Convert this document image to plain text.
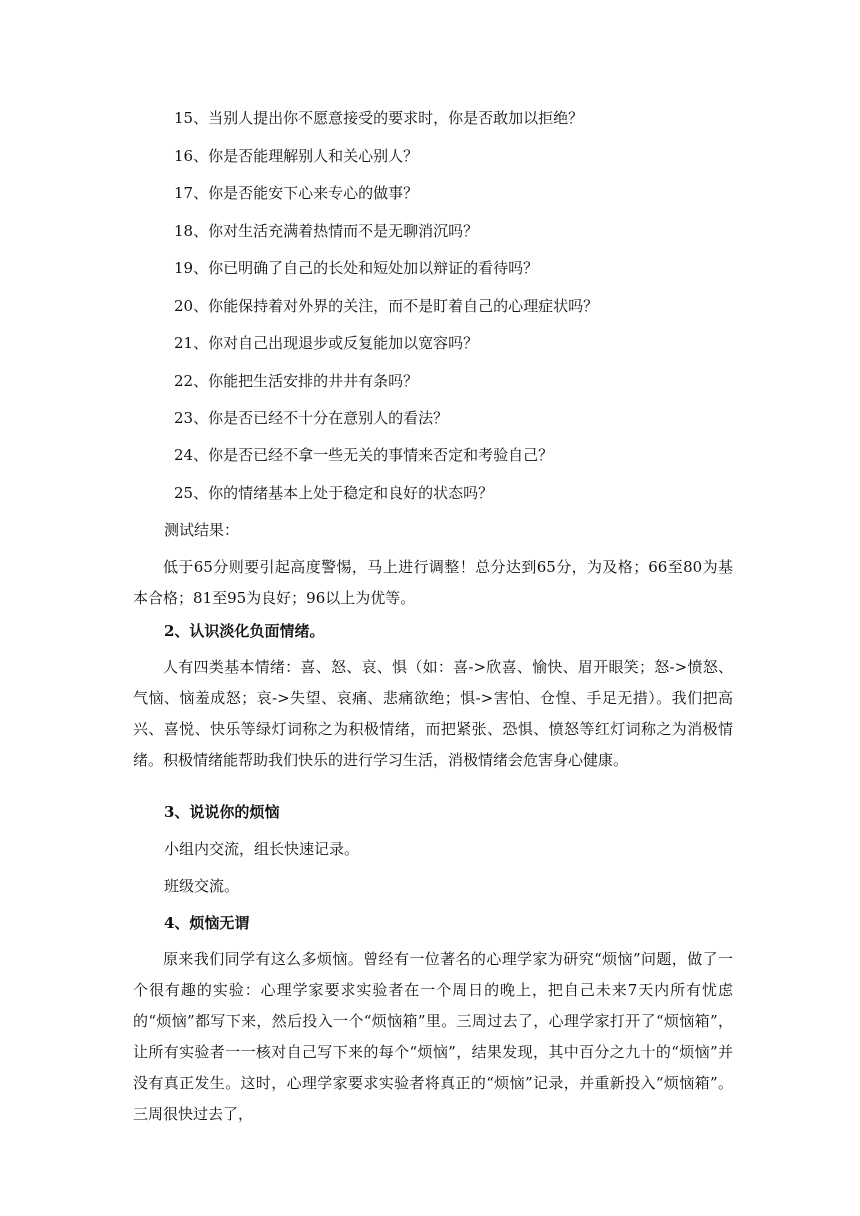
15、当别人提出你不愿意接受的要求时，你是否敢加以拒绝？

16、你是否能理解别人和关心别人？

17、你是否能安下心来专心的做事？

18、你对生活充满着热情而不是无聊消沉吗？

19、你已明确了自己的长处和短处加以辩证的看待吗？

20、你能保持着对外界的关注，而不是盯着自己的心理症状吗？

21、你对自己出现退步或反复能加以宽容吗？

22、你能把生活安排的井井有条吗？

23、你是否已经不十分在意别人的看法？

24、你是否已经不拿一些无关的事情来否定和考验自己？

25、你的情绪基本上处于稳定和良好的状态吗？

测试结果：

低于65分则要引起高度警惕，马上进行调整！总分达到65分，为及格；66至80为基本合格；81至95为良好；96以上为优等。

2、认识淡化负面情绪。

人有四类基本情绪：喜、怒、哀、惧（如：喜->欣喜、愉快、眉开眼笑；怒->愤怒、气恼、恼羞成怒；哀->失望、哀痛、悲痛欲绝；惧->害怕、仓惶、手足无措）。我们把高兴、喜悦、快乐等绿灯词称之为积极情绪，而把紧张、恐惧、愤怒等红灯词称之为消极情绪。积极情绪能帮助我们快乐的进行学习生活，消极情绪会危害身心健康。

3、说说你的烦恼

小组内交流，组长快速记录。

班级交流。

4、烦恼无谓

原来我们同学有这么多烦恼。曾经有一位著名的心理学家为研究“烦恼”问题，做了一个很有趣的实验：心理学家要求实验者在一个周日的晚上，把自己未来7天内所有忧虑的“烦恼”都写下来，然后投入一个“烦恼箱”里。三周过去了，心理学家打开了“烦恼箱”，让所有实验者一一核对自己写下来的每个“烦恼”，结果发现，其中百分之九十的“烦恼”并没有真正发生。这时，心理学家要求实验者将真正的“烦恼”记录，并重新投入“烦恼箱”。三周很快过去了，
